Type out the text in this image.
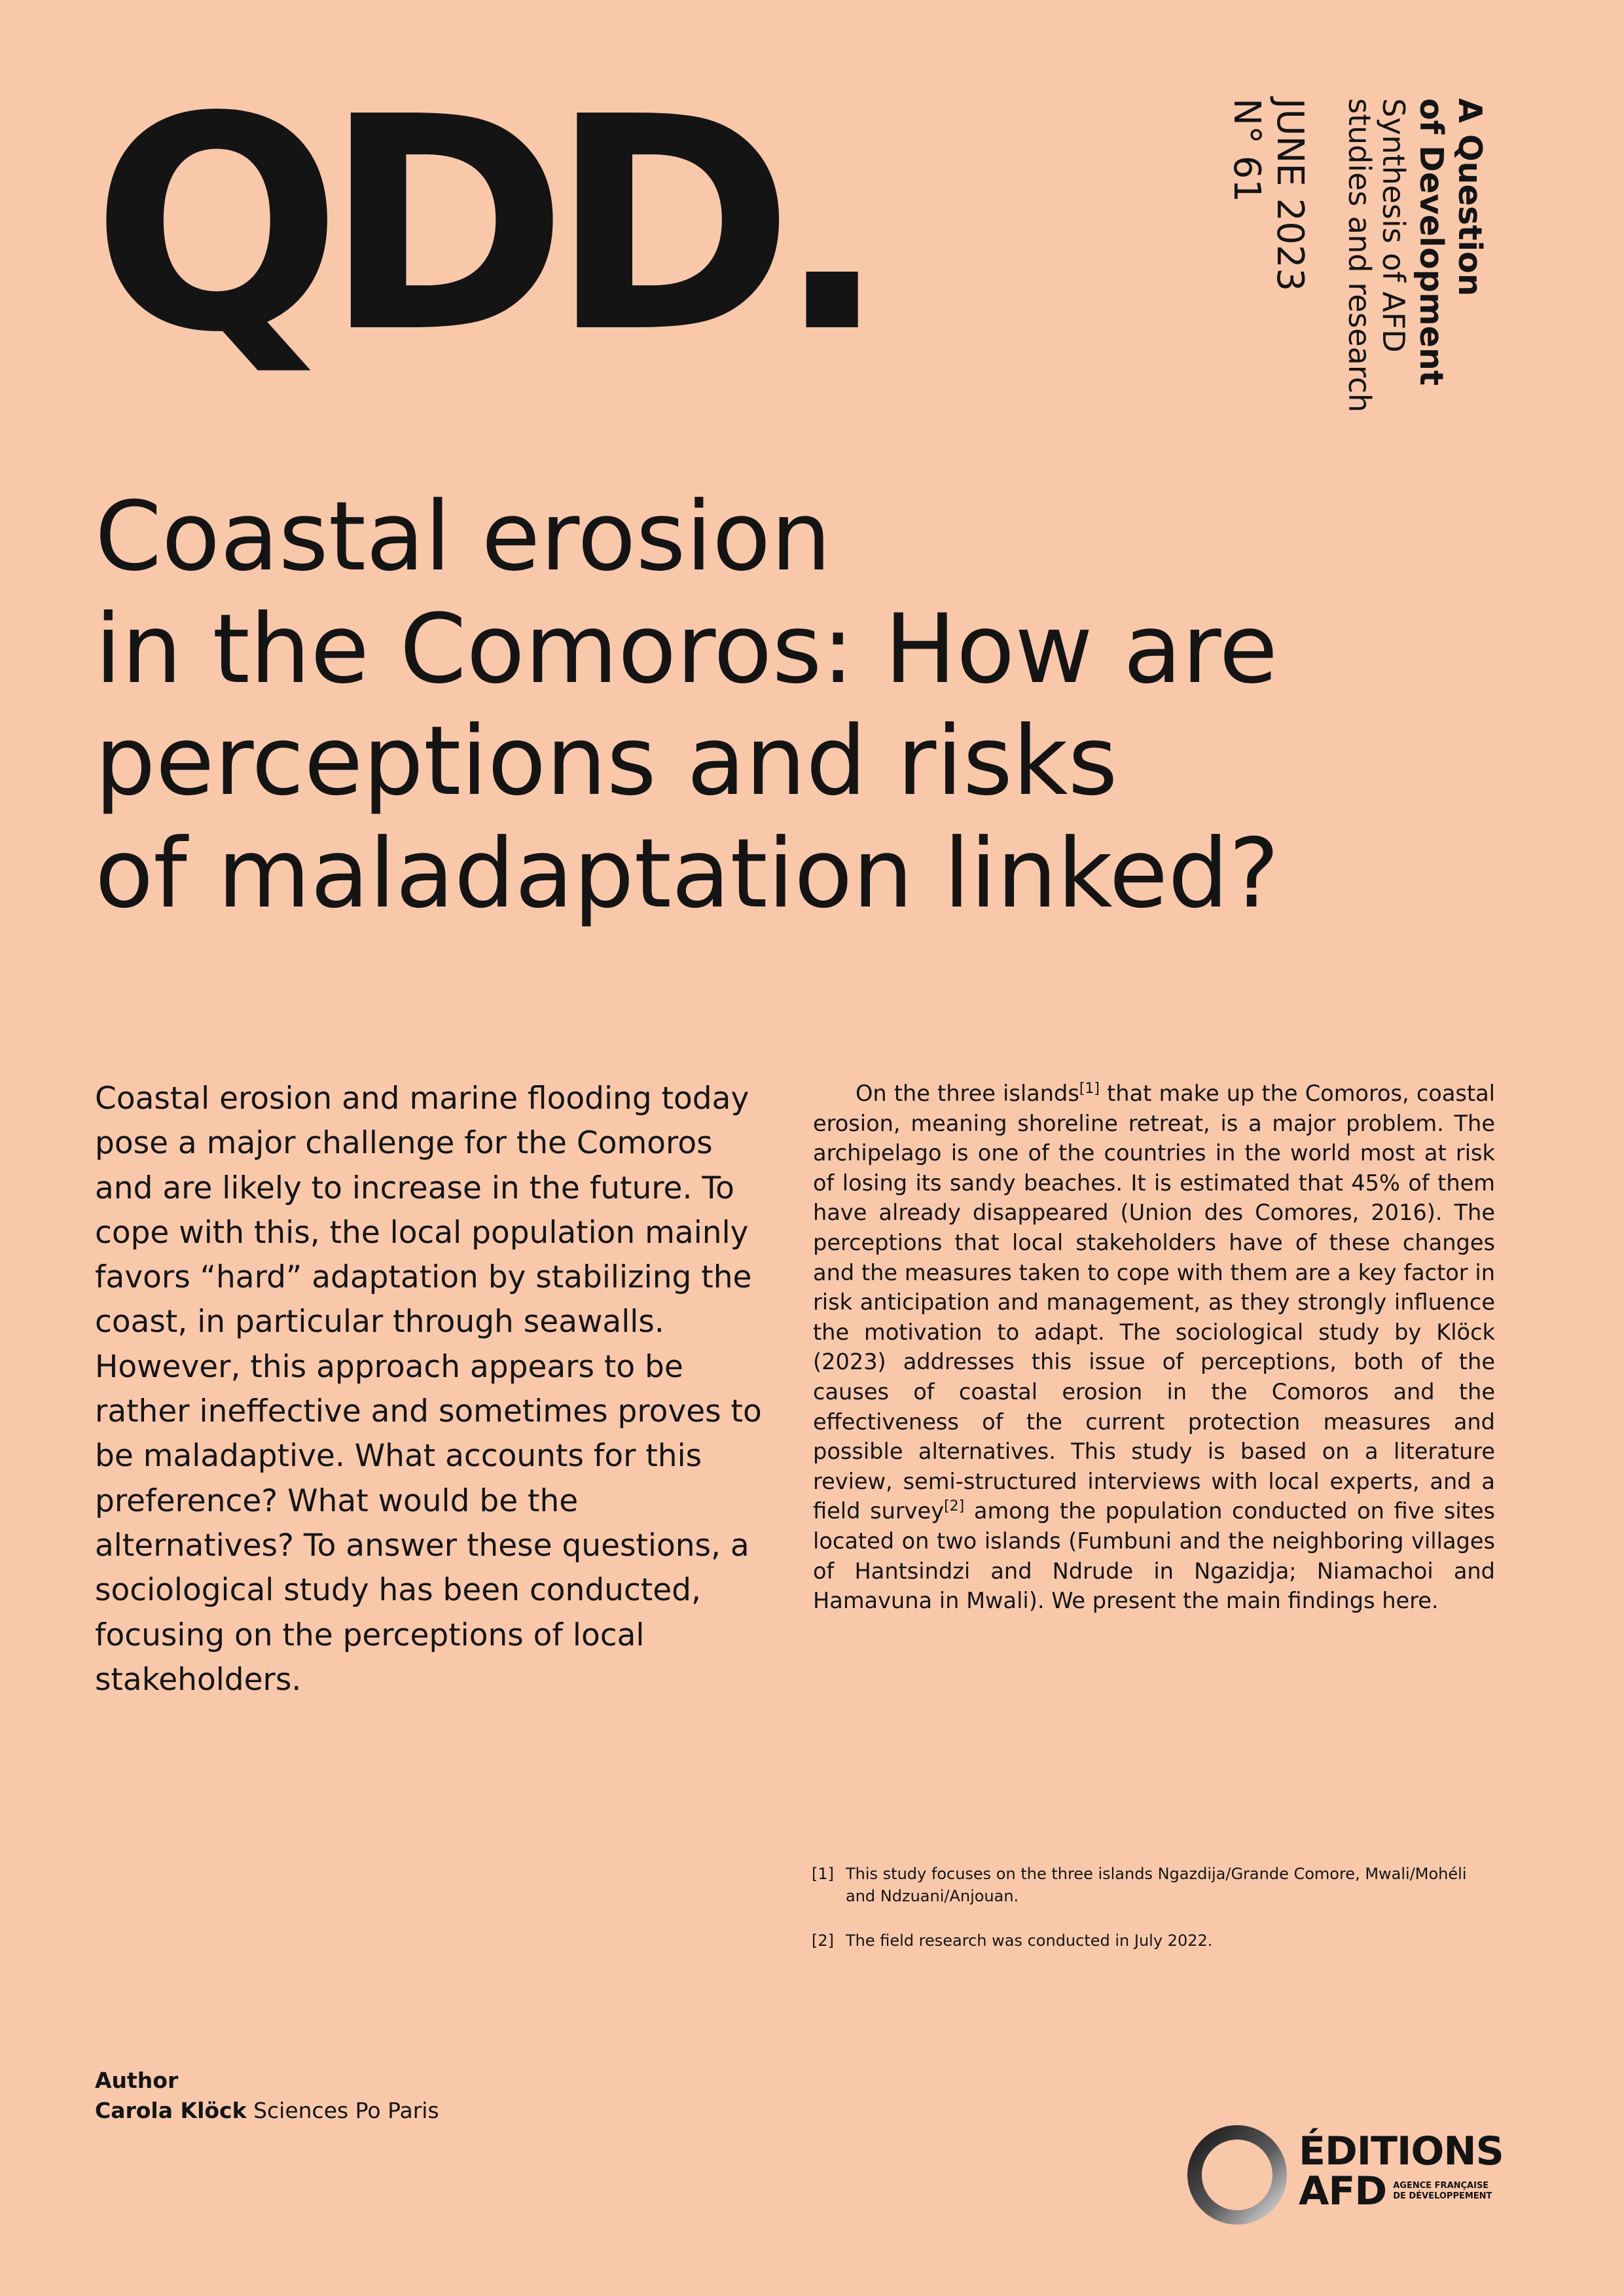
QDD.	A Question
of Development
Synthesis of AFD
studies and research
JUNE 2023
N° 61
Coastal erosion
in the Comoros: How are
perceptions and risks
of maladaptation linked?

Coastal erosion and marine flooding today pose a major challenge for the Comoros and are likely to increase in the future. To cope with this, the local population mainly favors “hard” adaptation by stabilizing the coast, in particular through seawalls. However, this approach appears to be rather ineffective and sometimes proves to be maladaptive. What accounts for this preference? What would be the alternatives? To answer these questions, a sociological study has been conducted, focusing on the perceptions of local stakeholders.

On the three islands[1] that make up the Comoros, coastal erosion, meaning shoreline retreat, is a major problem. The archipelago is one of the countries in the world most at risk of losing its sandy beaches. It is estimated that 45% of them have already disappeared (Union des Comores, 2016). The perceptions that local stakeholders have of these changes and the measures taken to cope with them are a key factor in risk anticipation and management, as they strongly influence the motivation to adapt. The sociological study by Klöck (2023) addresses this issue of perceptions, both of the causes of coastal erosion in the Comoros and the effectiveness of the current protection measures and possible alternatives. This study is based on a literature review, semi-structured interviews with local experts, and a field survey[2] among the population conducted on five sites located on two islands (Fumbuni and the neighboring villages of Hantsindzi and Ndrude in Ngazidja; Niamachoi and Hamavuna in Mwali). We present the main findings here.

[1] This study focuses on the three islands Ngazdija/Grande Comore, Mwali/Mohéli and Ndzuani/Anjouan.
[2] The field research was conducted in July 2022.
Author
Carola Klöck Sciences Po Paris
ÉDITIONS
AFD AGENCE FRANÇAISE
DE DÉVELOPPEMENT
